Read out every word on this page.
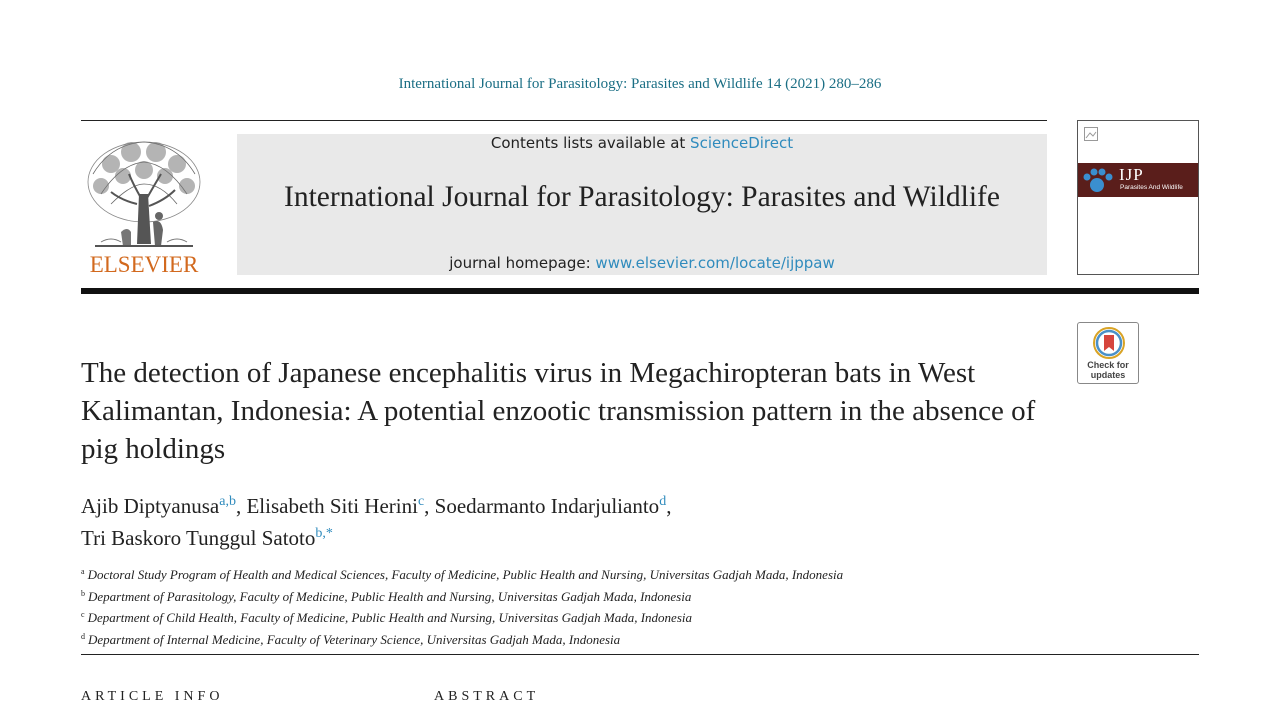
International Journal for Parasitology: Parasites and Wildlife 14 (2021) 280–286
ELSEVIER
Contents lists available at ScienceDirect
International Journal for Parasitology: Parasites and Wildlife
journal homepage: www.elsevier.com/locate/ijppaw
IJP
Parasites And Wildlife
Check for
updates
The detection of Japanese encephalitis virus in Megachiropteran bats in West Kalimantan, Indonesia: A potential enzootic transmission pattern in the absence of pig holdings
Ajib Diptyanusa$^{a,b}$, Elisabeth Siti Herini$^c$, Soedarmanto Indarjulianto$^d$,
Tri Baskoro Tunggul Satoto$^{b,*}$
$^a$ Doctoral Study Program of Health and Medical Sciences, Faculty of Medicine, Public Health and Nursing, Universitas Gadjah Mada, Indonesia
$^b$ Department of Parasitology, Faculty of Medicine, Public Health and Nursing, Universitas Gadjah Mada, Indonesia
$^c$ Department of Child Health, Faculty of Medicine, Public Health and Nursing, Universitas Gadjah Mada, Indonesia
$^d$ Department of Internal Medicine, Faculty of Veterinary Science, Universitas Gadjah Mada, Indonesia
ARTICLE INFO	ABSTRACT
